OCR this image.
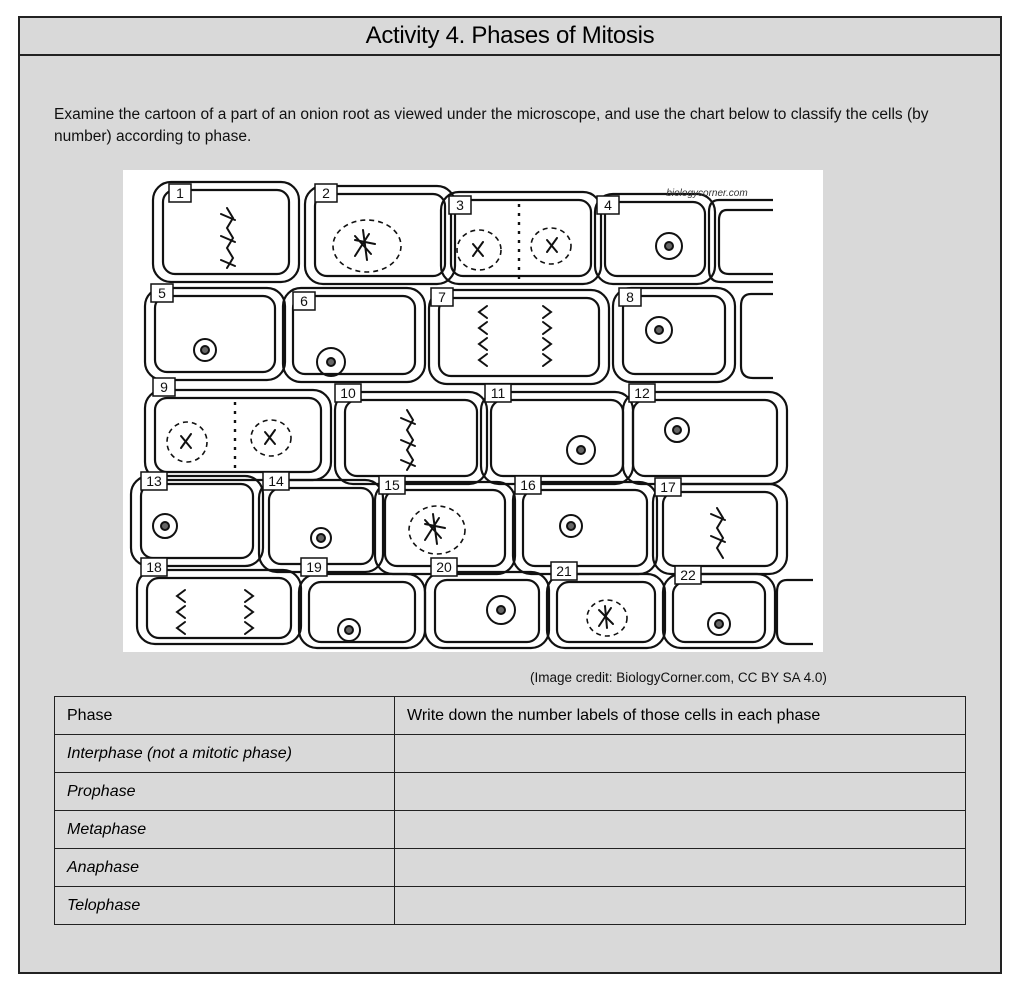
Activity 4. Phases of Mitosis
Examine the cartoon of a part of an onion root as viewed under the microscope, and use the chart below to classify the cells (by number) according to phase.
1	2
3	4
5	6	7	8
9	10	11	12
13	14	15	16	17
18	19	20	21	22
biologycorner.com
(Image credit: BiologyCorner.com, CC BY SA 4.0)
Phase	Write down the number labels of those cells in each phase
Interphase (not a mitotic phase)	
Prophase	
Metaphase	
Anaphase	
Telophase	
